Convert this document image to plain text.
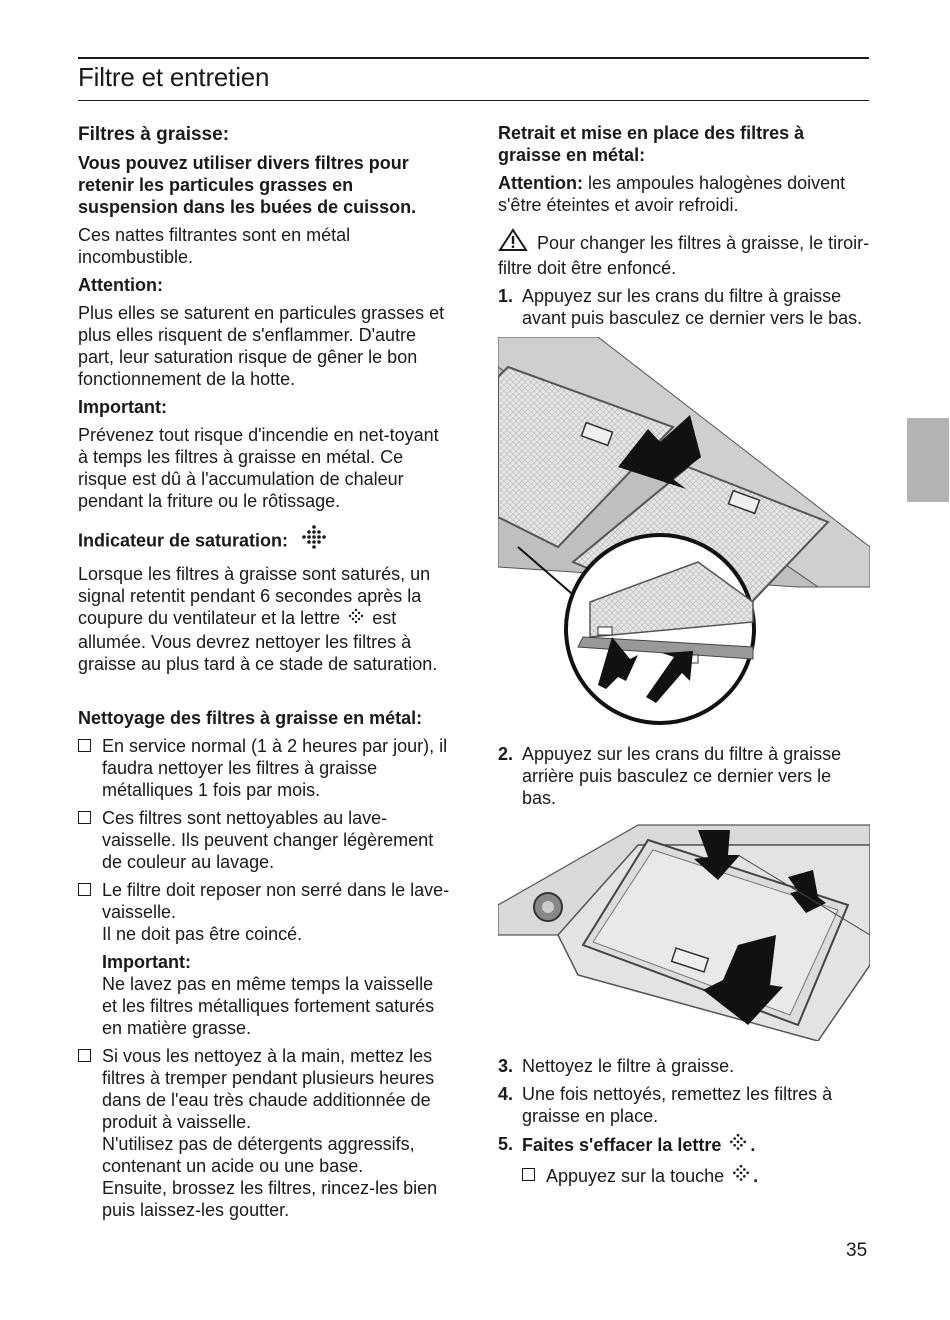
Filtre et entretien
Filtres à graisse:

Vous pouvez utiliser divers filtres pour retenir les particules grasses en suspension dans les buées de cuisson.

Ces nattes filtrantes sont en métal incombustible.

Attention:

Plus elles se saturent en particules grasses et plus elles risquent de s'enflammer. D'autre part, leur saturation risque de gêner le bon fonctionnement de la hotte.

Important:

Prévenez tout risque d'incendie en net-toyant à temps les filtres à graisse en métal. Ce risque est dû à l'accumulation de chaleur pendant la friture ou le rôtissage.

Indicateur de saturation:

Lorsque les filtres à graisse sont saturés, un signal retentit pendant 6 secondes après la coupure du ventilateur et la lettre est allumée. Vous devrez nettoyer les filtres à graisse au plus tard à ce stade de saturation.

Nettoyage des filtres à graisse en métal:

En service normal (1 à 2 heures par jour), il faudra nettoyer les filtres à graisse métalliques 1 fois par mois.
Ces filtres sont nettoyables au lave-vaisselle. Ils peuvent changer légèrement de couleur au lavage.
Le filtre doit reposer non serré dans le lave-vaisselle.
Il ne doit pas être coincé.
Important:
Ne lavez pas en même temps la vaisselle et les filtres métalliques fortement saturés en matière grasse.
Si vous les nettoyez à la main, mettez les filtres à tremper pendant plusieurs heures dans de l'eau très chaude additionnée de produit à vaisselle.
N'utilisez pas de détergents aggressifs, contenant un acide ou une base.
Ensuite, brossez les filtres, rincez-les bien puis laissez-les goutter.

Retrait et mise en place des filtres à graisse en métal:

Attention: les ampoules halogènes doivent s'être éteintes et avoir refroidi.

Pour changer les filtres à graisse, le tiroir-filtre doit être enfoncé.

1. Appuyez sur les crans du filtre à graisse avant puis basculez ce dernier vers le bas.
2. Appuyez sur les crans du filtre à graisse arrière puis basculez ce dernier vers le bas.
3. Nettoyez le filtre à graisse.
4. Une fois nettoyés, remettez les filtres à graisse en place.
5. Faites s'effacer la lettre .
Appuyez sur la touche .
35
